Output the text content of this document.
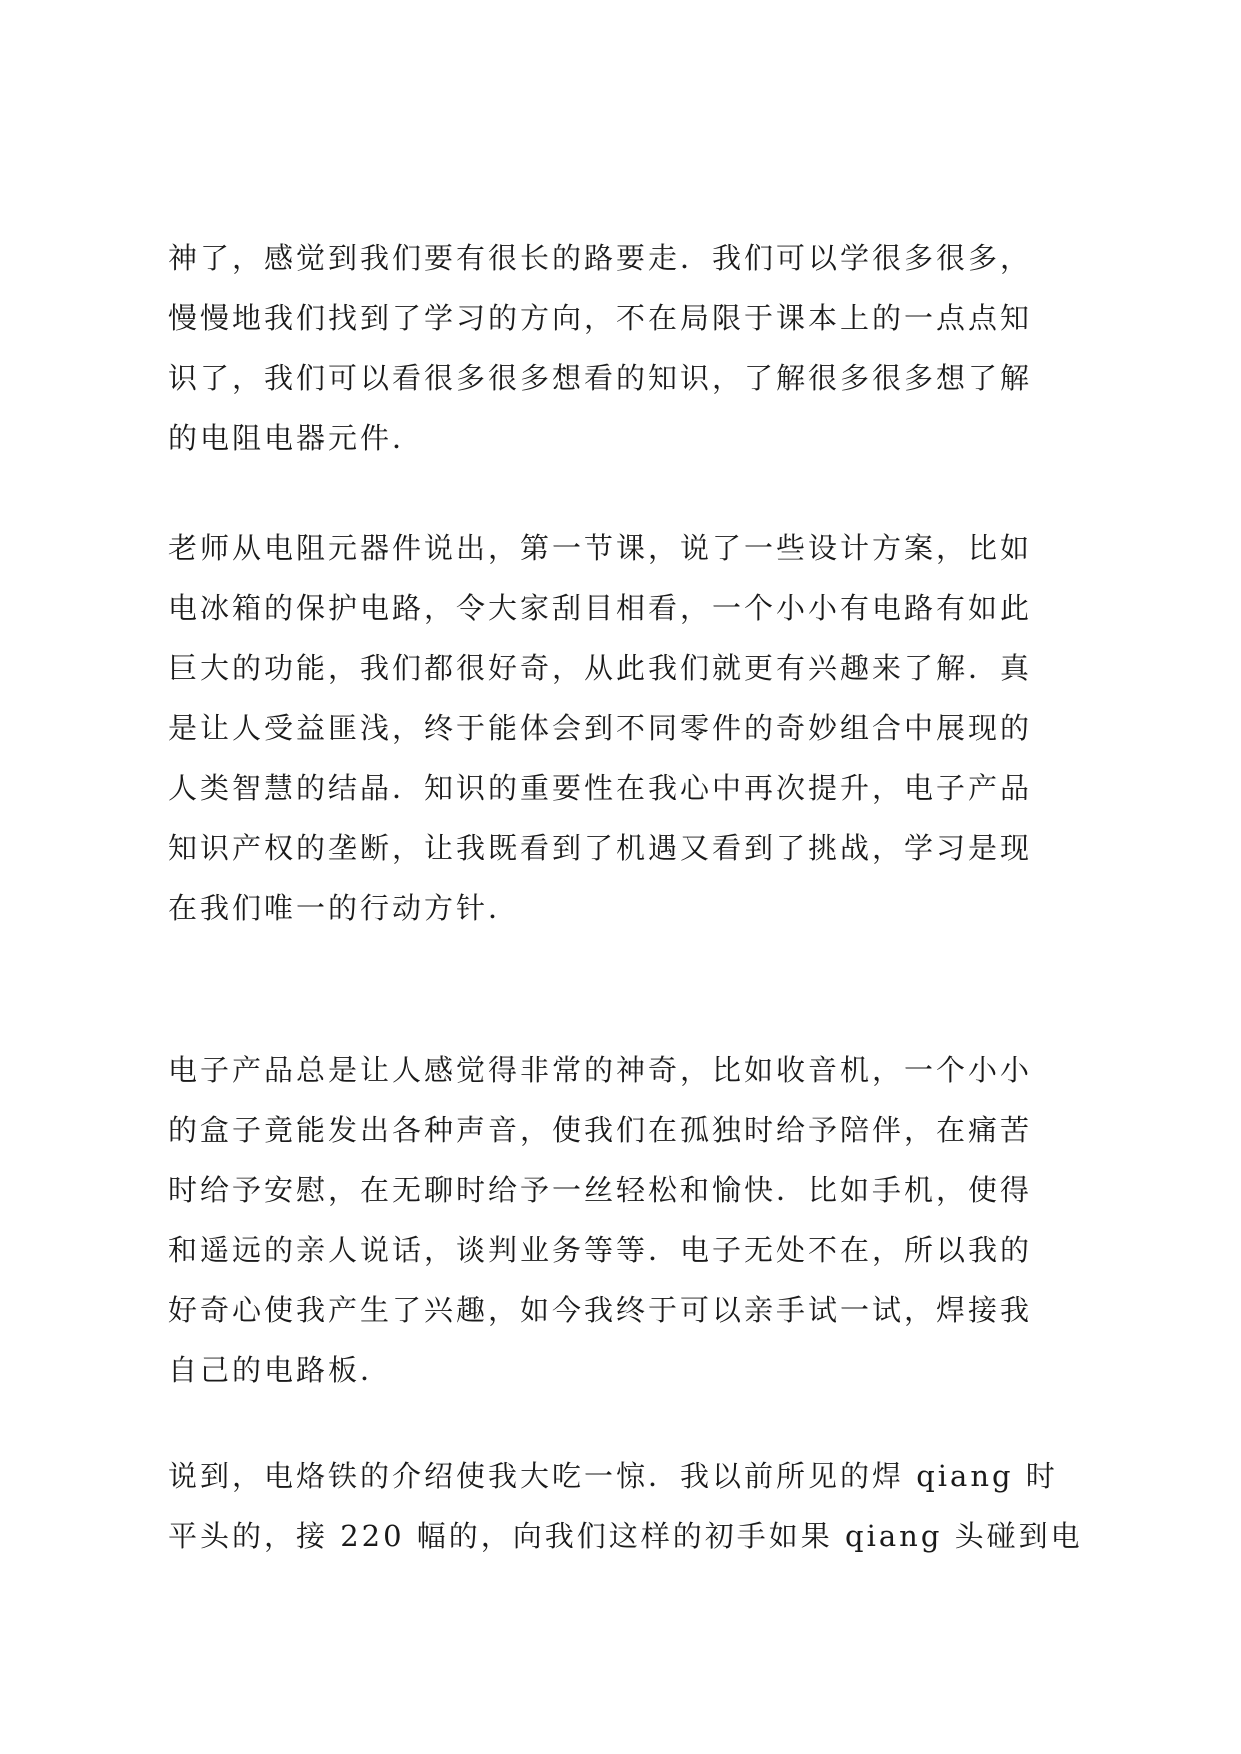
神了，感觉到我们要有很长的路要走．我们可以学很多很多，
慢慢地我们找到了学习的方向，不在局限于课本上的一点点知
识了，我们可以看很多很多想看的知识，了解很多很多想了解
的电阻电器元件．
老师从电阻元器件说出，第一节课，说了一些设计方案，比如
电冰箱的保护电路，令大家刮目相看，一个小小有电路有如此
巨大的功能，我们都很好奇，从此我们就更有兴趣来了解．真
是让人受益匪浅，终于能体会到不同零件的奇妙组合中展现的
人类智慧的结晶．知识的重要性在我心中再次提升，电子产品
知识产权的垄断，让我既看到了机遇又看到了挑战，学习是现
在我们唯一的行动方针．
电子产品总是让人感觉得非常的神奇，比如收音机，一个小小
的盒子竟能发出各种声音，使我们在孤独时给予陪伴，在痛苦
时给予安慰，在无聊时给予一丝轻松和愉快．比如手机，使得
和遥远的亲人说话，谈判业务等等．电子无处不在，所以我的
好奇心使我产生了兴趣，如今我终于可以亲手试一试，焊接我
自己的电路板．
说到，电烙铁的介绍使我大吃一惊．我以前所见的焊 qiang 时
平头的，接 220 幅的，向我们这样的初手如果 qiang 头碰到电
